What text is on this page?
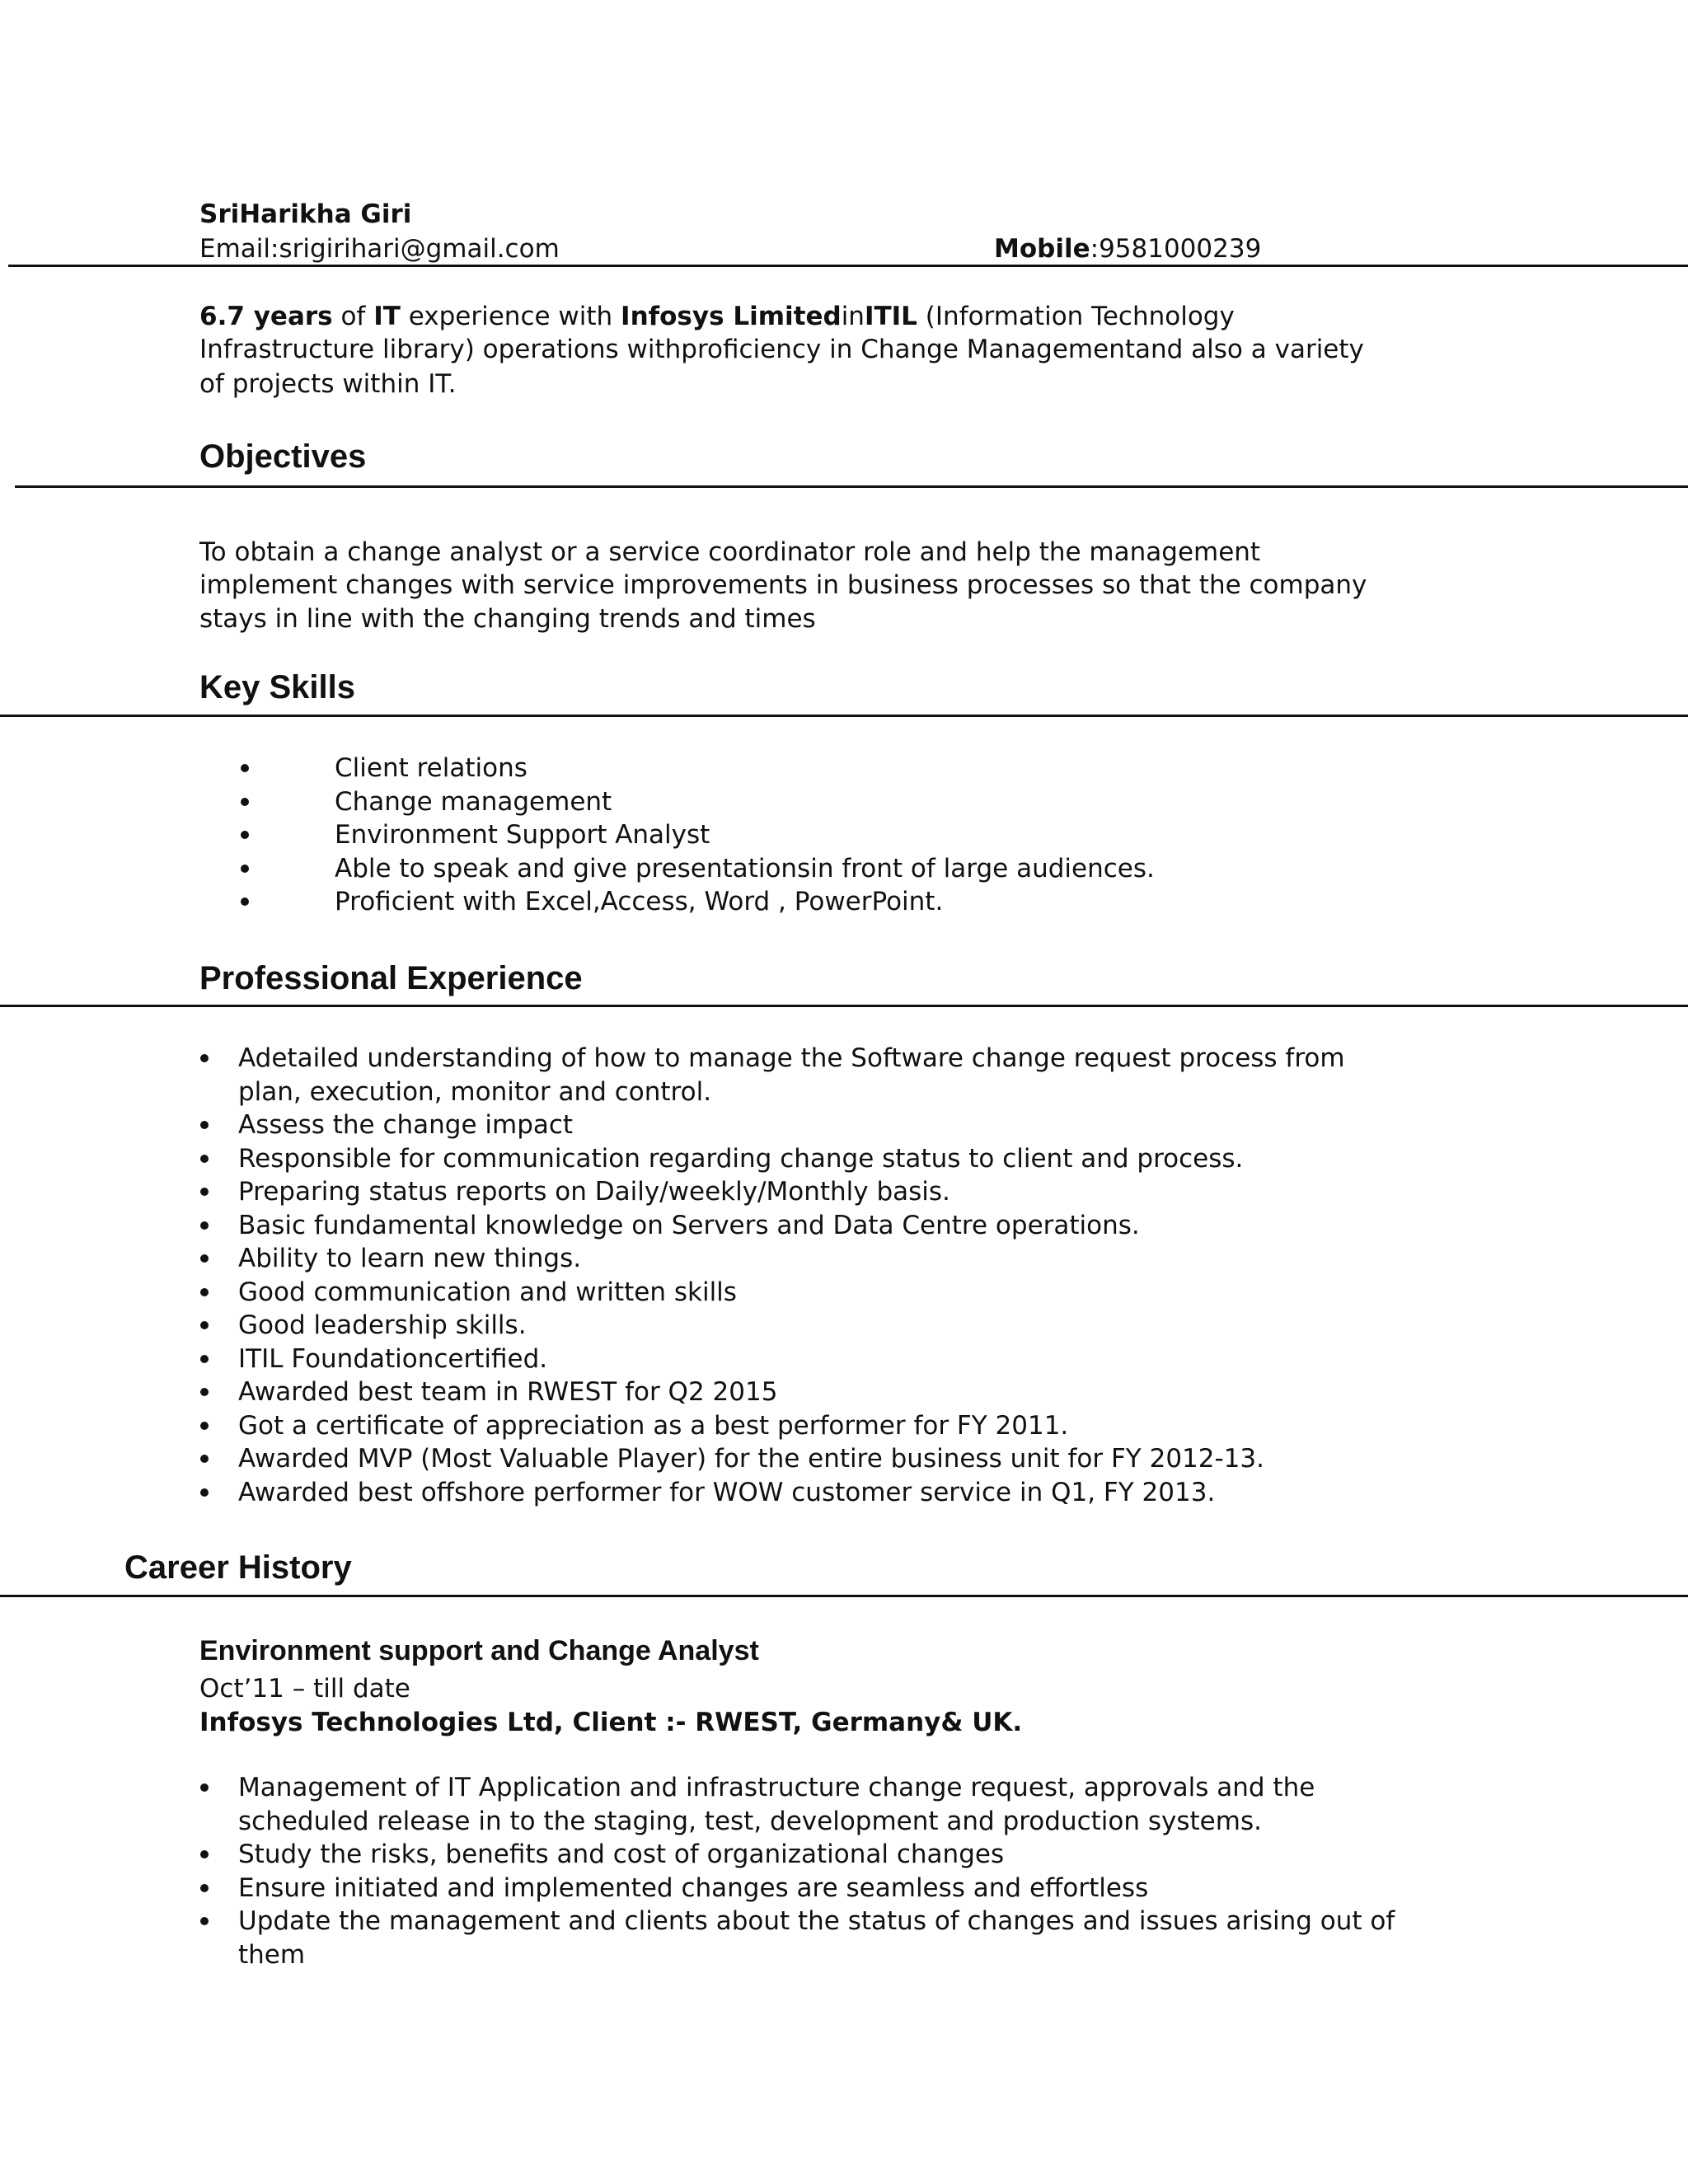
SriHarikha Giri
Email:srigirihari@gmail.com	Mobile:9581000239
6.7 years of IT experience with Infosys LimitedinITIL (Information Technology
Infrastructure library) operations withproficiency in Change Managementand also a variety
of projects within IT.
Objectives
To obtain a change analyst or a service coordinator role and help the management
implement changes with service improvements in business processes so that the company
stays in line with the changing trends and times
Key Skills
Client relations
Change management
Environment Support Analyst
Able to speak and give presentationsin front of large audiences.
Proficient with Excel,Access, Word , PowerPoint.
Professional Experience
Adetailed understanding of how to manage the Software change request process from
plan, execution, monitor and control.
Assess the change impact
Responsible for communication regarding change status to client and process.
Preparing status reports on Daily/weekly/Monthly basis.
Basic fundamental knowledge on Servers and Data Centre operations.
Ability to learn new things.
Good communication and written skills
Good leadership skills.
ITIL Foundationcertified.
Awarded best team in RWEST for Q2 2015
Got a certificate of appreciation as a best performer for FY 2011.
Awarded MVP (Most Valuable Player) for the entire business unit for FY 2012-13.
Awarded best offshore performer for WOW customer service in Q1, FY 2013.
Career History
Environment support and Change Analyst
Oct’11 – till date
Infosys Technologies Ltd, Client :- RWEST, Germany& UK.
Management of IT Application and infrastructure change request, approvals and the
scheduled release in to the staging, test, development and production systems.
Study the risks, benefits and cost of organizational changes
Ensure initiated and implemented changes are seamless and effortless
Update the management and clients about the status of changes and issues arising out of
them
